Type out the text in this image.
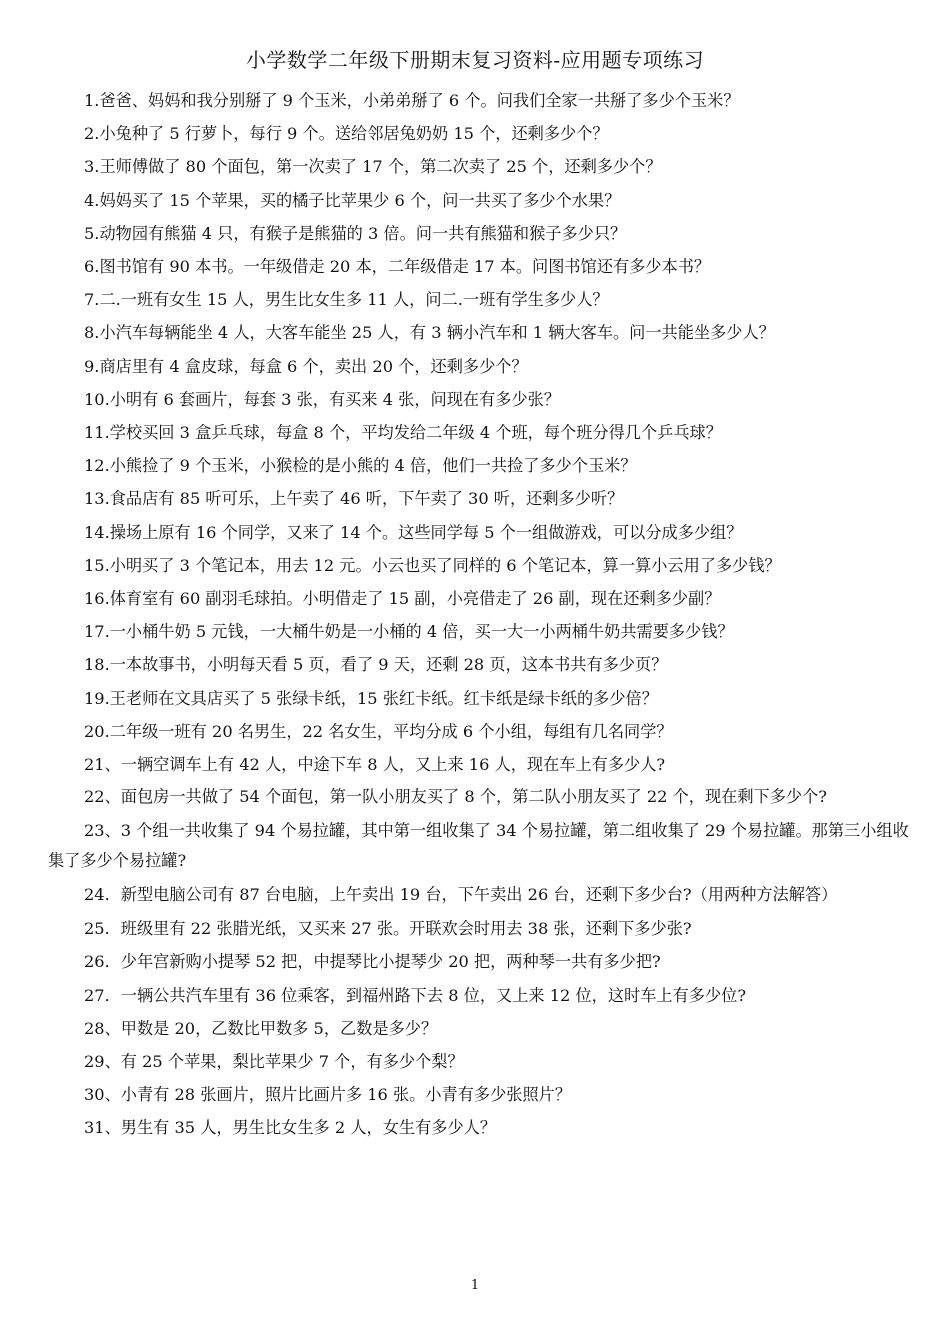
小学数学二年级下册期末复习资料-应用题专项练习
1.爸爸、妈妈和我分别掰了 9 个玉米，小弟弟掰了 6 个。问我们全家一共掰了多少个玉米？
2.小兔种了 5 行萝卜，每行 9 个。送给邻居兔奶奶 15 个，还剩多少个？
3.王师傅做了 80 个面包，第一次卖了 17 个，第二次卖了 25 个，还剩多少个？
4.妈妈买了 15 个苹果，买的橘子比苹果少 6 个，问一共买了多少个水果？
5.动物园有熊猫 4 只，有猴子是熊猫的 3 倍。问一共有熊猫和猴子多少只？
6.图书馆有 90 本书。一年级借走 20 本，二年级借走 17 本。问图书馆还有多少本书？
7.二.一班有女生 15 人，男生比女生多 11 人，问二.一班有学生多少人？
8.小汽车每辆能坐 4 人，大客车能坐 25 人，有 3 辆小汽车和 1 辆大客车。问一共能坐多少人？
9.商店里有 4 盒皮球，每盒 6 个，卖出 20 个，还剩多少个？
10.小明有 6 套画片，每套 3 张，有买来 4 张，问现在有多少张？
11.学校买回 3 盒乒乓球，每盒 8 个，平均发给二年级 4 个班，每个班分得几个乒乓球？
12.小熊捡了 9 个玉米，小猴检的是小熊的 4 倍，他们一共捡了多少个玉米？
13.食品店有 85 听可乐，上午卖了 46 听，下午卖了 30 听，还剩多少听？
14.操场上原有 16 个同学，又来了 14 个。这些同学每 5 个一组做游戏，可以分成多少组？
15.小明买了 3 个笔记本，用去 12 元。小云也买了同样的 6 个笔记本，算一算小云用了多少钱？
16.体育室有 60 副羽毛球拍。小明借走了 15 副，小亮借走了 26 副，现在还剩多少副？
17.一小桶牛奶 5 元钱，一大桶牛奶是一小桶的 4 倍，买一大一小两桶牛奶共需要多少钱？
18.一本故事书，小明每天看 5 页，看了 9 天，还剩 28 页，这本书共有多少页？
19.王老师在文具店买了 5 张绿卡纸，15 张红卡纸。红卡纸是绿卡纸的多少倍？
20.二年级一班有 20 名男生，22 名女生，平均分成 6 个小组，每组有几名同学？
21、一辆空调车上有 42 人，中途下车 8 人，又上来 16 人，现在车上有多少人?
22、面包房一共做了 54 个面包，第一队小朋友买了 8 个，第二队小朋友买了 22 个，现在剩下多少个?
23、3 个组一共收集了 94 个易拉罐，其中第一组收集了 34 个易拉罐，第二组收集了 29 个易拉罐。那第三小组收集了多少个易拉罐?
24．新型电脑公司有 87 台电脑，上午卖出 19 台，下午卖出 26 台，还剩下多少台?（用两种方法解答）
25．班级里有 22 张腊光纸，又买来 27 张。开联欢会时用去 38 张，还剩下多少张?
26．少年宫新购小提琴 52 把，中提琴比小提琴少 20 把，两种琴一共有多少把?
27．一辆公共汽车里有 36 位乘客，到福州路下去 8 位，又上来 12 位，这时车上有多少位?
28、甲数是 20，乙数比甲数多 5，乙数是多少？
29、有 25 个苹果，梨比苹果少 7 个，有多少个梨？
30、小青有 28 张画片，照片比画片多 16 张。小青有多少张照片？
31、男生有 35 人，男生比女生多 2 人，女生有多少人？
1
